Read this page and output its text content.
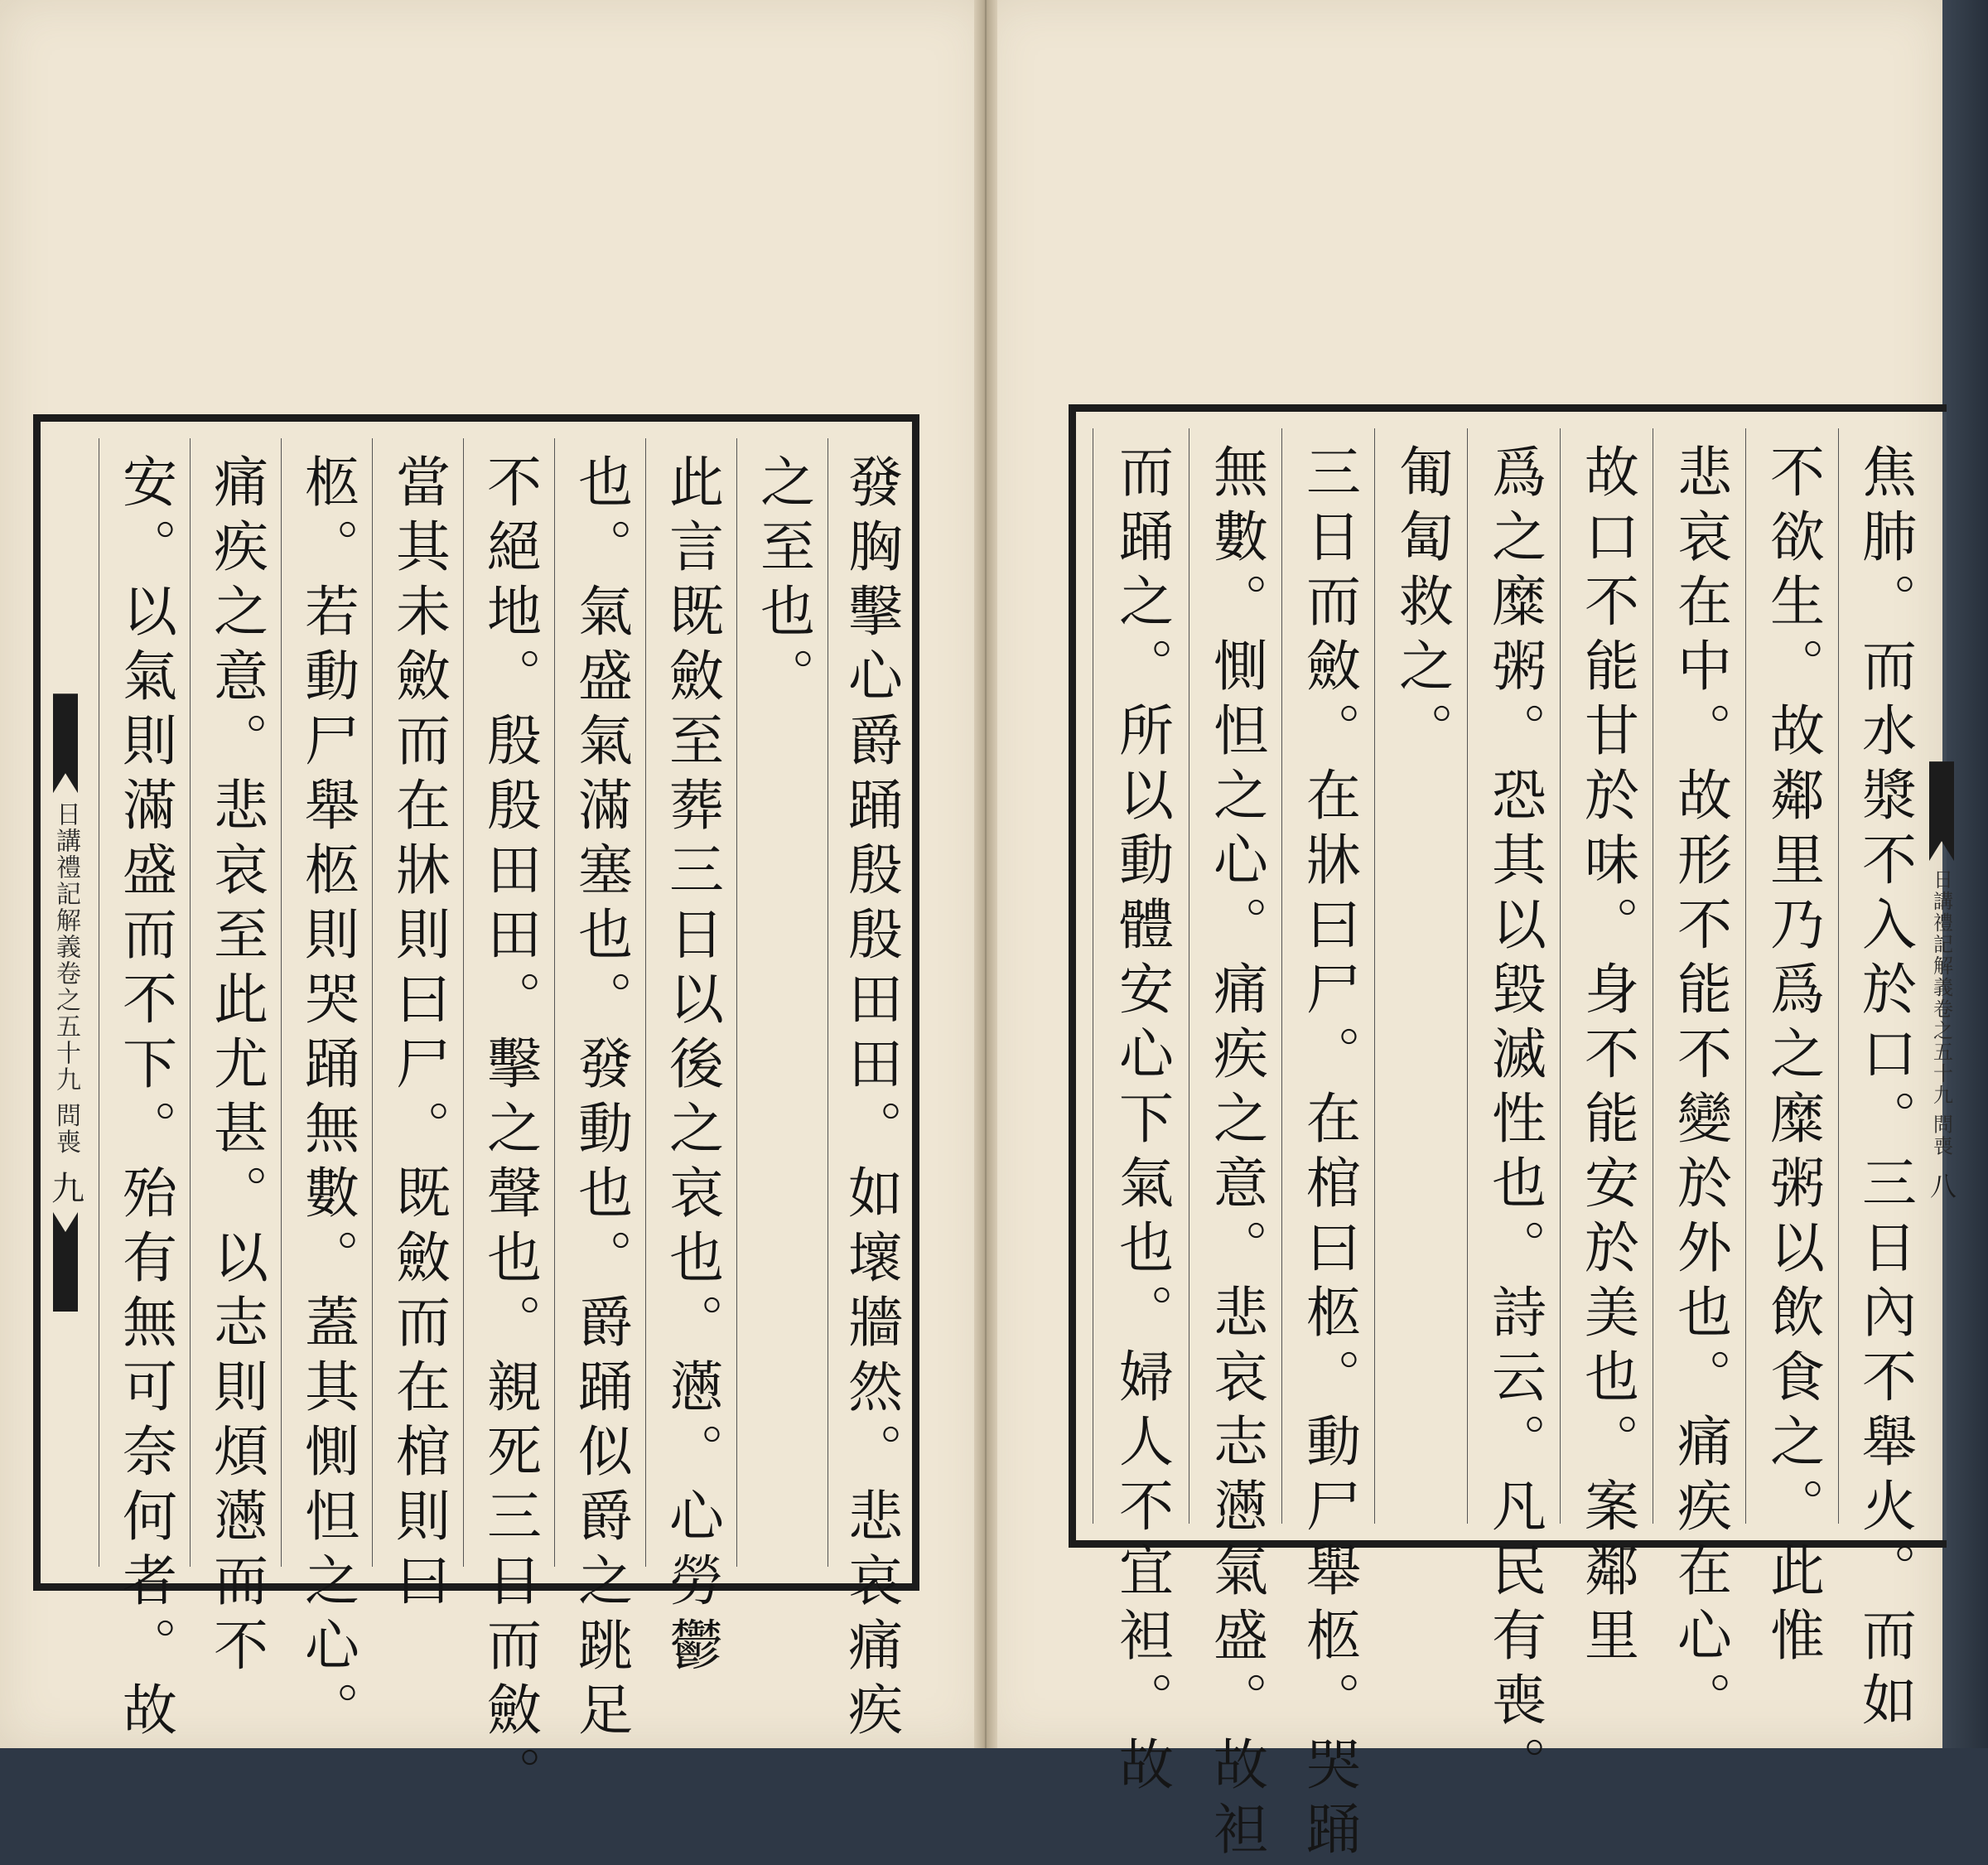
日講禮記解義卷之五十九 問喪
九	發胸擊心爵踊殷殷田田。如壞牆然。悲哀痛疾
之至也。
此言既斂至葬三日以後之哀也。懣。心勞鬱
也。氣盛氣滿塞也。發動也。爵踊似爵之跳足
不絕地。殷殷田田。擊之聲也。親死三日而斂。
當其未斂而在牀則曰尸。既斂而在棺則曰
柩。若動尸舉柩則哭踊無數。蓋其惻怛之心。
痛疾之意。悲哀至此尤甚。以志則煩懣而不
安。以氣則滿盛而不下。殆有無可奈何者。故	焦肺。而水漿不入於口。三日內不舉火。而如
不欲生。故鄰里乃爲之糜粥以飲食之。此惟
悲哀在中。故形不能不變於外也。痛疾在心。
故口不能甘於味。身不能安於美也。案鄰里
爲之糜粥。恐其以毀滅性也。詩云。凡民有喪。
匍匐救之。
三日而斂。在牀曰尸。在棺曰柩。動尸舉柩。哭踊
無數。惻怛之心。痛疾之意。悲哀志懣氣盛。故袒
而踊之。所以動體安心下氣也。婦人不宜袒。故	日講禮記解義卷之五十九 問喪
八
